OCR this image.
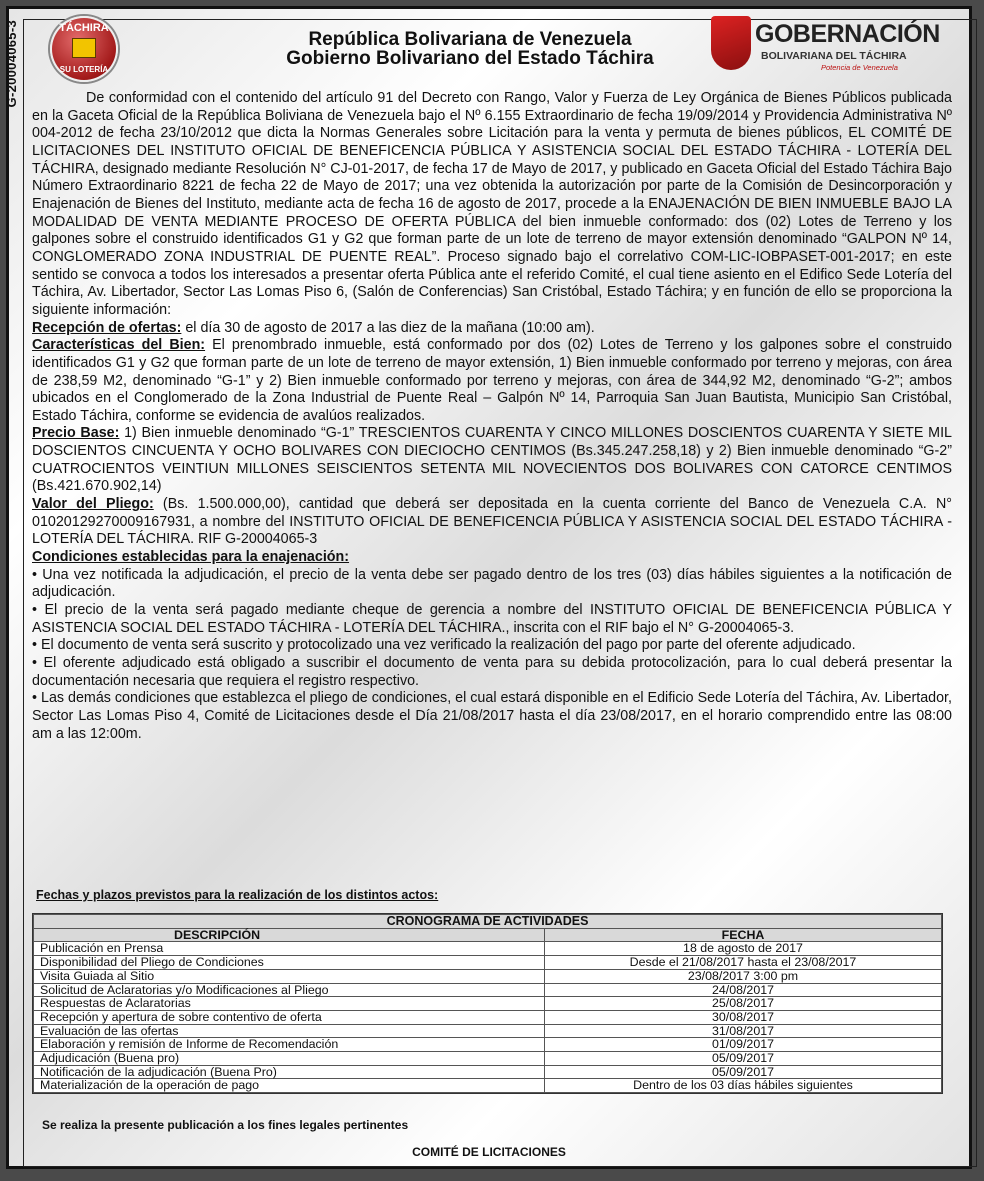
G-20004065-3	TÁCHIRA
SU LOTERÍA
República Bolivariana de Venezuela
Gobierno Bolivariano del Estado Táchira
GOBERNACIÓN
BOLIVARIANA DEL TÁCHIRA
Potencia de Venezuela

De conformidad con el contenido del artículo 91 del Decreto con Rango, Valor y Fuerza de Ley Orgánica de Bienes Públicos publicada en la Gaceta Oficial de la República Boliviana de Venezuela bajo el Nº 6.155 Extraordinario de fecha 19/09/2014 y Providencia Administrativa Nº 004-2012 de fecha 23/10/2012 que dicta la Normas Generales sobre Licitación para la venta y permuta de bienes públicos, EL COMITÉ DE LICITACIONES DEL INSTITUTO OFICIAL DE BENEFICENCIA PÚBLICA Y ASISTENCIA SOCIAL DEL ESTADO TÁCHIRA - LOTERÍA DEL TÁCHIRA, designado mediante Resolución N° CJ-01-2017, de fecha 17 de Mayo de 2017, y publicado en Gaceta Oficial del Estado Táchira Bajo Número Extraordinario 8221 de fecha 22 de Mayo de 2017; una vez obtenida la autorización por parte de la Comisión de Desincorporación y Enajenación de Bienes del Instituto, mediante acta de fecha 16 de agosto de 2017, procede a la ENAJENACIÓN DE BIEN INMUEBLE BAJO LA MODALIDAD DE VENTA MEDIANTE PROCESO DE OFERTA PÚBLICA del bien inmueble conformado: dos (02) Lotes de Terreno y los galpones sobre el construido identificados G1 y G2 que forman parte de un lote de terreno de mayor extensión denominado “GALPON Nº 14, CONGLOMERADO ZONA INDUSTRIAL DE PUENTE REAL”. Proceso signado bajo el correlativo COM-LIC-IOBPASET-001-2017; en este sentido se convoca a todos los interesados a presentar oferta Pública ante el referido Comité, el cual tiene asiento en el Edifico Sede Lotería del Táchira, Av. Libertador, Sector Las Lomas Piso 6, (Salón de Conferencias) San Cristóbal, Estado Táchira; y en función de ello se proporciona la siguiente información:

Recepción de ofertas: el día 30 de agosto de 2017 a las diez de la mañana (10:00 am).

Características del Bien: El prenombrado inmueble, está conformado por dos (02) Lotes de Terreno y los galpones sobre el construido identificados G1 y G2 que forman parte de un lote de terreno de mayor extensión, 1) Bien inmueble conformado por terreno y mejoras, con área de 238,59 M2, denominado “G-1” y 2) Bien inmueble conformado por terreno y mejoras, con área de 344,92 M2, denominado “G-2”; ambos ubicados en el Conglomerado de la Zona Industrial de Puente Real – Galpón Nº 14, Parroquia San Juan Bautista, Municipio San Cristóbal, Estado Táchira, conforme se evidencia de avalúos realizados.

Precio Base: 1) Bien inmueble denominado “G-1” TRESCIENTOS CUARENTA Y CINCO MILLONES DOSCIENTOS CUARENTA Y SIETE MIL DOSCIENTOS CINCUENTA Y OCHO BOLIVARES CON DIECIOCHO CENTIMOS (Bs.345.247.258,18) y 2) Bien inmueble denominado “G-2” CUATROCIENTOS VEINTIUN MILLONES SEISCIENTOS SETENTA MIL NOVECIENTOS DOS BOLIVARES CON CATORCE CENTIMOS (Bs.421.670.902,14)

Valor del Pliego: (Bs. 1.500.000,00), cantidad que deberá ser depositada en la cuenta corriente del Banco de Venezuela C.A. N° 01020129270009167931, a nombre del INSTITUTO OFICIAL DE BENEFICENCIA PÚBLICA Y ASISTENCIA SOCIAL DEL ESTADO TÁCHIRA - LOTERÍA DEL TÁCHIRA. RIF G-20004065-3

Condiciones establecidas para la enajenación:

• Una vez notificada la adjudicación, el precio de la venta debe ser pagado dentro de los tres (03) días hábiles siguientes a la notificación de adjudicación.

• El precio de la venta será pagado mediante cheque de gerencia a nombre del INSTITUTO OFICIAL DE BENEFICENCIA PÚBLICA Y ASISTENCIA SOCIAL DEL ESTADO TÁCHIRA - LOTERÍA DEL TÁCHIRA., inscrita con el RIF bajo el N° G-20004065-3.

• El documento de venta será suscrito y protocolizado una vez verificado la realización del pago por parte del oferente adjudicado.

• El oferente adjudicado está obligado a suscribir el documento de venta para su debida protocolización, para lo cual deberá presentar la documentación necesaria que requiera el registro respectivo.

• Las demás condiciones que establezca el pliego de condiciones, el cual estará disponible en el Edificio Sede Lotería del Táchira, Av. Libertador, Sector Las Lomas Piso 4, Comité de Licitaciones desde el Día 21/08/2017 hasta el día 23/08/2017, en el horario comprendido entre las 08:00 am a las 12:00m.

Fechas y plazos previstos para la realización de los distintos actos:
CRONOGRAMA DE ACTIVIDADES	
DESCRIPCIÓN	FECHA
Publicación en Prensa	18 de agosto de 2017
Disponibilidad del Pliego de Condiciones	Desde el 21/08/2017 hasta el 23/08/2017
Visita Guiada al Sitio	23/08/2017 3:00 pm
Solicitud de Aclaratorias y/o Modificaciones al Pliego	24/08/2017
Respuestas de Aclaratorias	25/08/2017
Recepción y apertura de sobre contentivo de oferta	30/08/2017
Evaluación de las ofertas	31/08/2017
Elaboración y remisión de Informe de Recomendación	01/09/2017
Adjudicación (Buena pro)	05/09/2017
Notificación de la adjudicación (Buena Pro)	05/09/2017
Materialización de la operación de pago	Dentro de los 03 días hábiles siguientes
Se realiza la presente publicación a los fines legales pertinentes
COMITÉ DE LICITACIONES
